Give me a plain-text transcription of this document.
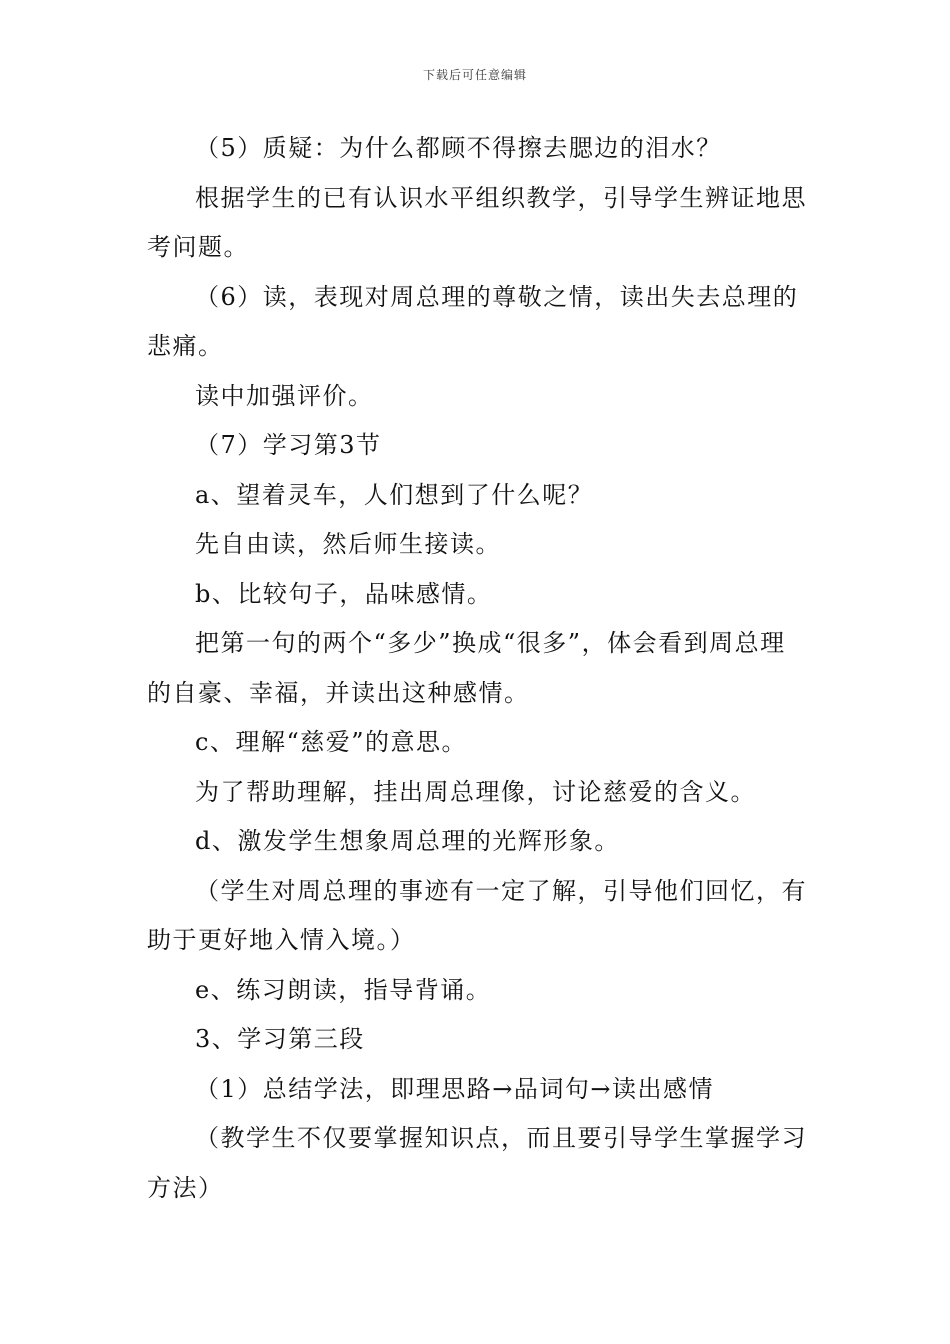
下载后可任意编辑

（5）质疑：为什么都顾不得擦去腮边的泪水？

根据学生的已有认识水平组织教学，引导学生辨证地思考问题。

（6）读，表现对周总理的尊敬之情，读出失去总理的悲痛。

读中加强评价。

（7）学习第3节

a、望着灵车，人们想到了什么呢？

先自由读，然后师生接读。

b、比较句子，品味感情。

把第一句的两个“多少”换成“很多”，体会看到周总理的自豪、幸福，并读出这种感情。

c、理解“慈爱”的意思。

为了帮助理解，挂出周总理像，讨论慈爱的含义。

d、激发学生想象周总理的光辉形象。

（学生对周总理的事迹有一定了解，引导他们回忆，有助于更好地入情入境。）

e、练习朗读，指导背诵。

3、学习第三段

（1）总结学法，即理思路→品词句→读出感情

（教学生不仅要掌握知识点，而且要引导学生掌握学习方法）
